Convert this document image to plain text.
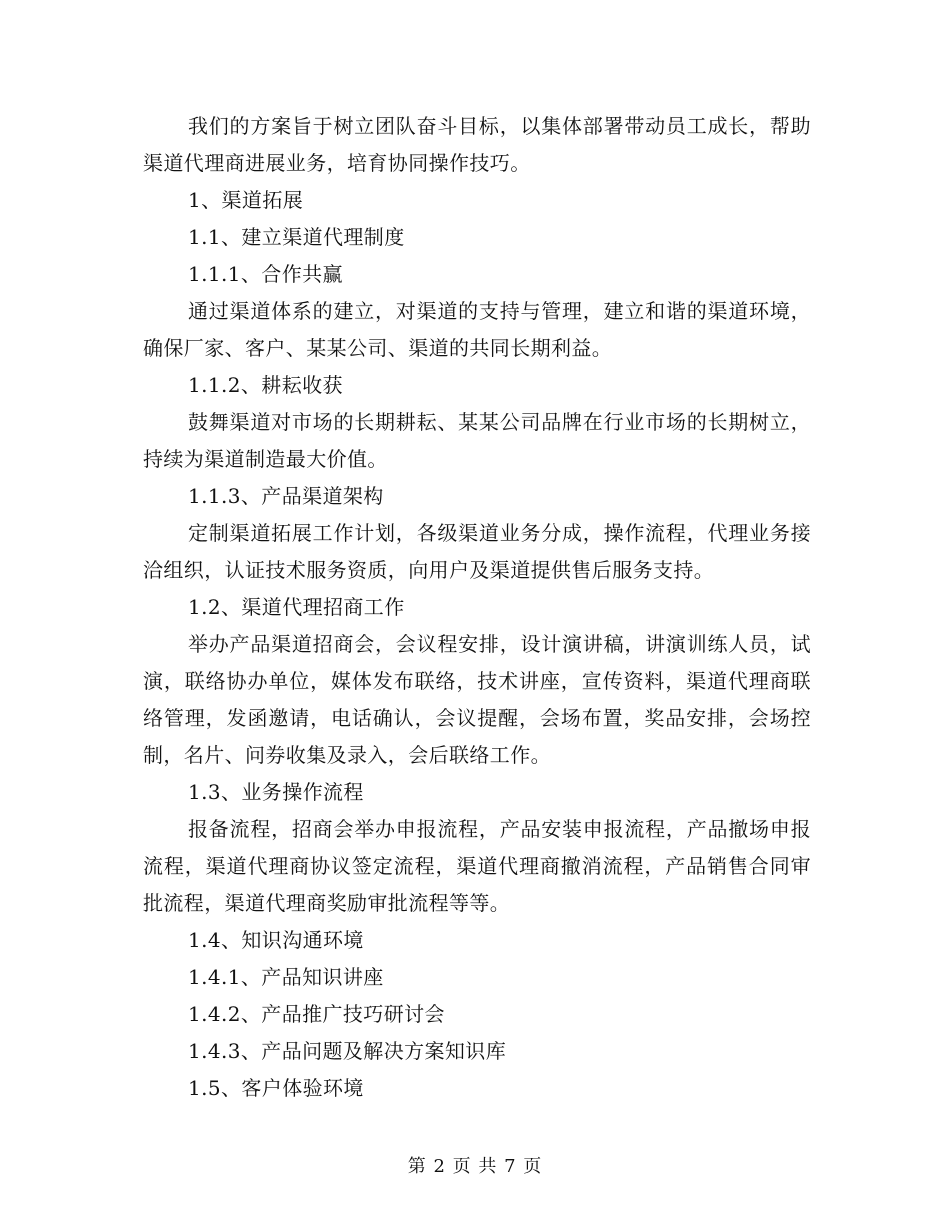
我们的方案旨于树立团队奋斗目标，以集体部署带动员工成长，帮助渠道代理商进展业务，培育协同操作技巧。

1、渠道拓展

1.1、建立渠道代理制度

1.1.1、合作共赢

通过渠道体系的建立，对渠道的支持与管理，建立和谐的渠道环境，确保厂家、客户、某某公司、渠道的共同长期利益。

1.1.2、耕耘收获

鼓舞渠道对市场的长期耕耘、某某公司品牌在行业市场的长期树立，持续为渠道制造最大价值。

1.1.3、产品渠道架构

定制渠道拓展工作计划，各级渠道业务分成，操作流程，代理业务接洽组织，认证技术服务资质，向用户及渠道提供售后服务支持。

1.2、渠道代理招商工作

举办产品渠道招商会，会议程安排，设计演讲稿，讲演训练人员，试演，联络协办单位，媒体发布联络，技术讲座，宣传资料，渠道代理商联络管理，发函邀请，电话确认，会议提醒，会场布置，奖品安排，会场控制，名片、问券收集及录入，会后联络工作。

1.3、业务操作流程

报备流程，招商会举办申报流程，产品安装申报流程，产品撤场申报流程，渠道代理商协议签定流程，渠道代理商撤消流程，产品销售合同审批流程，渠道代理商奖励审批流程等等。

1.4、知识沟通环境

1.4.1、产品知识讲座

1.4.2、产品推广技巧研讨会

1.4.3、产品问题及解决方案知识库

1.5、客户体验环境

第 2 页 共 7 页
